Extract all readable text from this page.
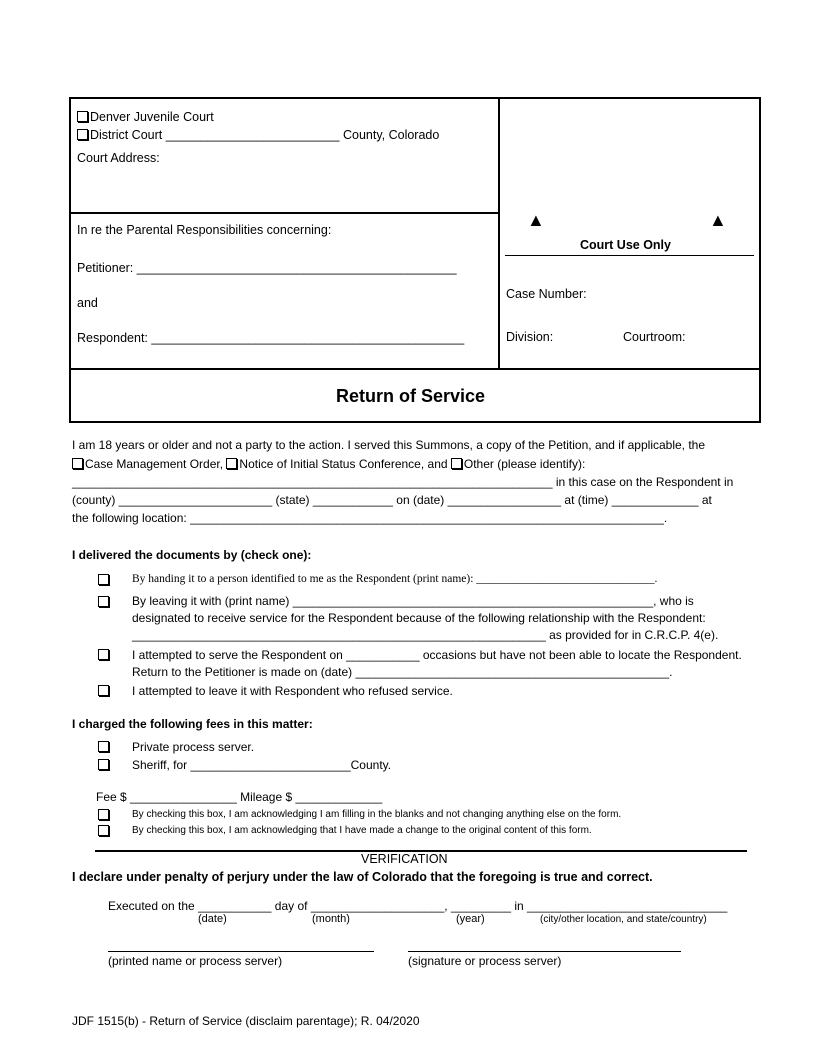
Denver Juvenile Court
District Court _________________________ County, Colorado
Court Address:
In re the Parental Responsibilities concerning:
Petitioner: ______________________________________________
and
Respondent: _____________________________________________
▲	▲
Court Use Only
Case Number:
Division:	Courtroom:
Return of Service
I am 18 years or older and not a party to the action. I served this Summons, a copy of the Petition, and if applicable, the
Case Management Order, Notice of Initial Status Conference, and Other (please identify):
________________________________________________________________________ in this case on the Respondent in
(county) _______________________ (state) ____________ on (date) _________________ at (time) _____________ at
the following location: _______________________________________________________________________.
I delivered the documents by (check one):
By handing it to a person identified to me as the Respondent (print name): _______________________________.
By leaving it with (print name) ______________________________________________________, who is
designated to receive service for the Respondent because of the following relationship with the Respondent:
______________________________________________________________ as provided for in C.R.C.P. 4(e).
I attempted to serve the Respondent on ___________ occasions but have not been able to locate the Respondent.
Return to the Petitioner is made on (date) _______________________________________________.
I attempted to leave it with Respondent who refused service.
I charged the following fees in this matter:
Private process server.
Sheriff, for ________________________County.
Fee $ ________________ Mileage $ _____________
By checking this box, I am acknowledging I am filling in the blanks and not changing anything else on the form.
By checking this box, I am acknowledging that I have made a change to the original content of this form.
VERIFICATION
I declare under penalty of perjury under the law of Colorado that the foregoing is true and correct.
Executed on the ___________ day of ____________________, _________ in ______________________________
(date)	(month)	(year)	(city/other location, and state/country)
(printed name or process server)	(signature or process server)
JDF 1515(b) - Return of Service (disclaim parentage); R. 04/2020
